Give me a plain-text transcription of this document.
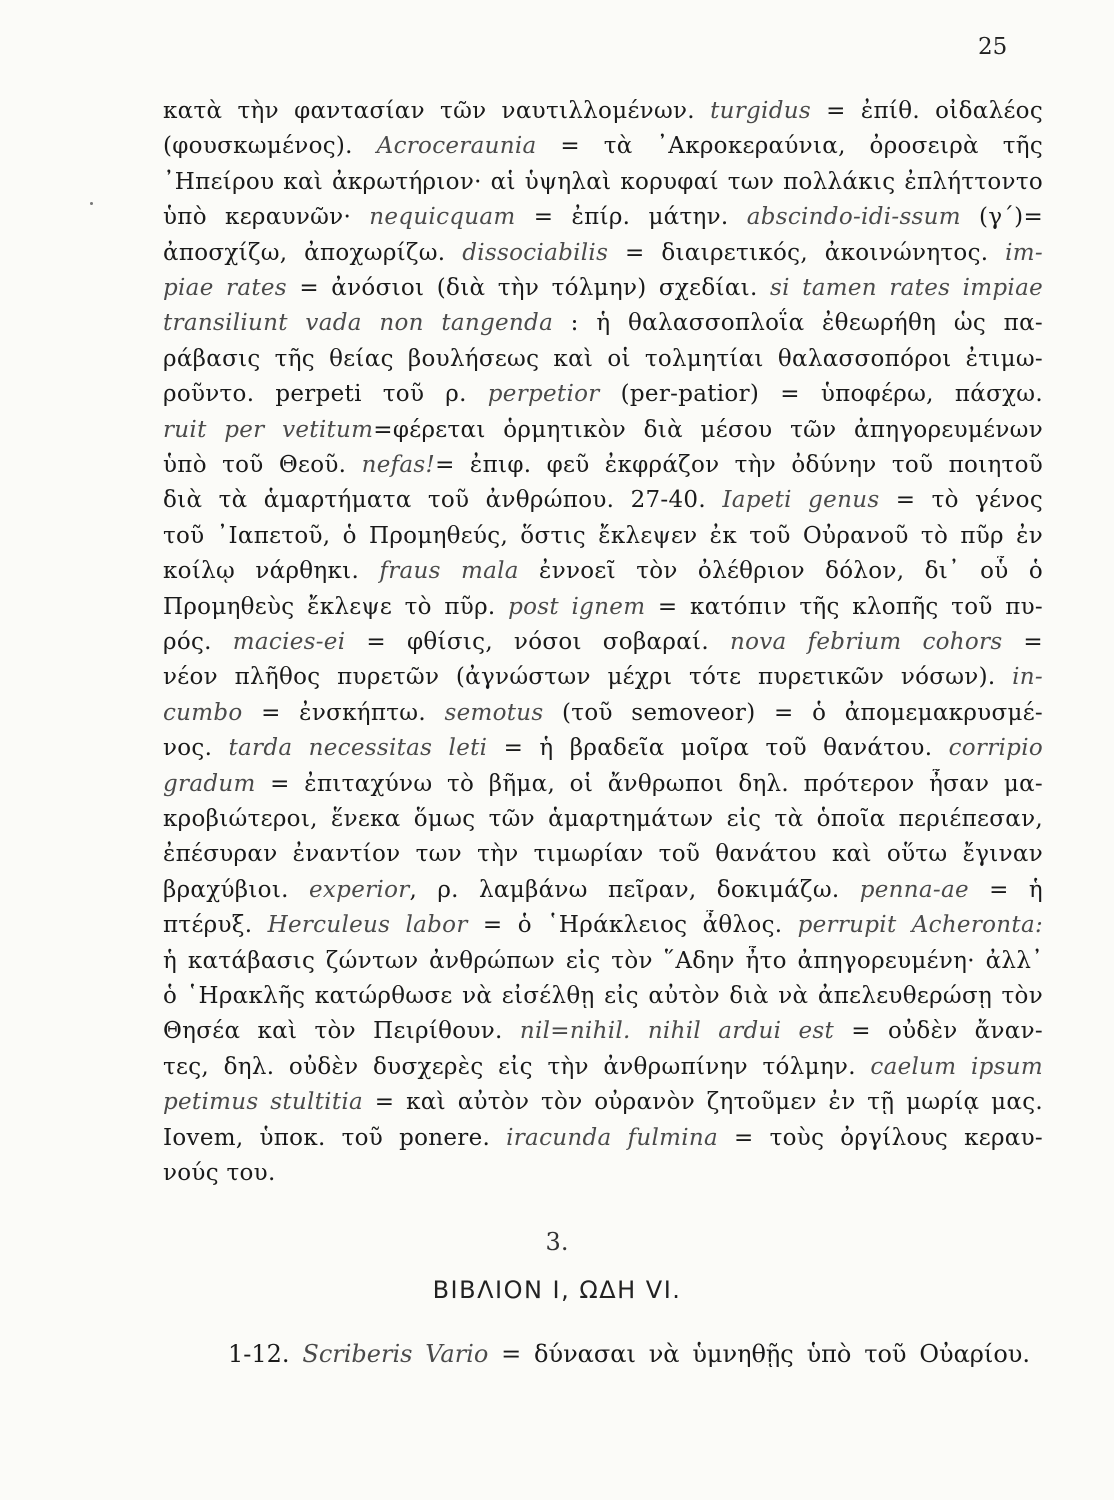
25
κατὰ τὴν φαντασίαν τῶν ναυτιλλομένων. turgidus = ἐπίθ. οἰδαλέος
(φουσκωμένος). Acroceraunia = τὰ ᾿Ακροκεραύνια, ὀροσειρὰ τῆς
᾿Ηπείρου καὶ ἀκρωτήριον· αἱ ὑψηλαὶ κορυφαί των πολλάκις ἐπλήττοντο
ὑπὸ κεραυνῶν· nequicquam = ἐπίρ. μάτην. abscindo-idi-ssum (γ΄)=
ἀποσχίζω, ἀποχωρίζω. dissociabilis = διαιρετικός, ἀκοινώνητος. im-
piae rates = ἀνόσιοι (διὰ τὴν τόλμην) σχεδίαι. si tamen rates impiae
transiliunt vada non tangenda : ἡ θαλασσοπλοΐα ἐθεωρήθη ὡς πα-
ράβασις τῆς θείας βουλήσεως καὶ οἱ τολμητίαι θαλασσοπόροι ἐτιμω-
ροῦντο. perpeti τοῦ ρ. perpetior (per-patior) = ὑποφέρω, πάσχω.
ruit per vetitum=φέρεται ὁρμητικὸν διὰ μέσου τῶν ἀπηγορευμένων
ὑπὸ τοῦ Θεοῦ. nefas!= ἐπιφ. φεῦ ἐκφράζον τὴν ὀδύνην τοῦ ποιητοῦ
διὰ τὰ ἁμαρτήματα τοῦ ἀνθρώπου. 27-40. Iapeti genus = τὸ γένος
τοῦ ᾿Ιαπετοῦ, ὁ Προμηθεύς, ὅστις ἔκλεψεν ἐκ τοῦ Οὐρανοῦ τὸ πῦρ ἐν
κοίλῳ νάρθηκι. fraus mala ἐννοεῖ τὸν ὀλέθριον δόλον, δι᾿ οὗ ὁ
Προμηθεὺς ἔκλεψε τὸ πῦρ. post ignem = κατόπιν τῆς κλοπῆς τοῦ πυ-
ρός. macies-ei = φθίσις, νόσοι σοβαραί. nova febrium cohors =
νέον πλῆθος πυρετῶν (ἀγνώστων μέχρι τότε πυρετικῶν νόσων). in-
cumbo = ἐνσκήπτω. semotus (τοῦ semoveor) = ὁ ἀπομεμακρυσμέ-
νος. tarda necessitas leti = ἡ βραδεῖα μοῖρα τοῦ θανάτου. corripio
gradum = ἐπιταχύνω τὸ βῆμα, οἱ ἄνθρωποι δηλ. πρότερον ἦσαν μα-
κροβιώτεροι, ἕνεκα ὅμως τῶν ἁμαρτημάτων εἰς τὰ ὁποῖα περιέπεσαν,
ἐπέσυραν ἐναντίον των τὴν τιμωρίαν τοῦ θανάτου καὶ οὕτω ἔγιναν
βραχύβιοι. experior, ρ. λαμβάνω πεῖραν, δοκιμάζω. penna-ae = ἡ
πτέρυξ. Herculeus labor = ὁ ῾Ηράκλειος ἆθλος. perrupit Acheronta:
ἡ κατάβασις ζώντων ἀνθρώπων εἰς τὸν ῞Αδην ἦτο ἀπηγορευμένη· ἀλλ᾿
ὁ ῾Ηρακλῆς κατώρθωσε νὰ εἰσέλθῃ εἰς αὐτὸν διὰ νὰ ἀπελευθερώσῃ τὸν
Θησέα καὶ τὸν Πειρίθουν. nil=nihil. nihil ardui est = οὐδὲν ἄναν-
τες, δηλ. οὐδὲν δυσχερὲς εἰς τὴν ἀνθρωπίνην τόλμην. caelum ipsum
petimus stultitia = καὶ αὐτὸν τὸν οὐρανὸν ζητοῦμεν ἐν τῇ μωρίᾳ μας.
Iovem, ὑποκ. τοῦ ponere. iracunda fulmina = τοὺς ὀργίλους κεραυ-
νούς του.
3.
ΒΙΒΛΙΟΝ Ι, ΩΔΗ VI.
1-12. Scriberis Vario = δύνασαι νὰ ὑμνηθῇς ὑπὸ τοῦ Οὐαρίου.
